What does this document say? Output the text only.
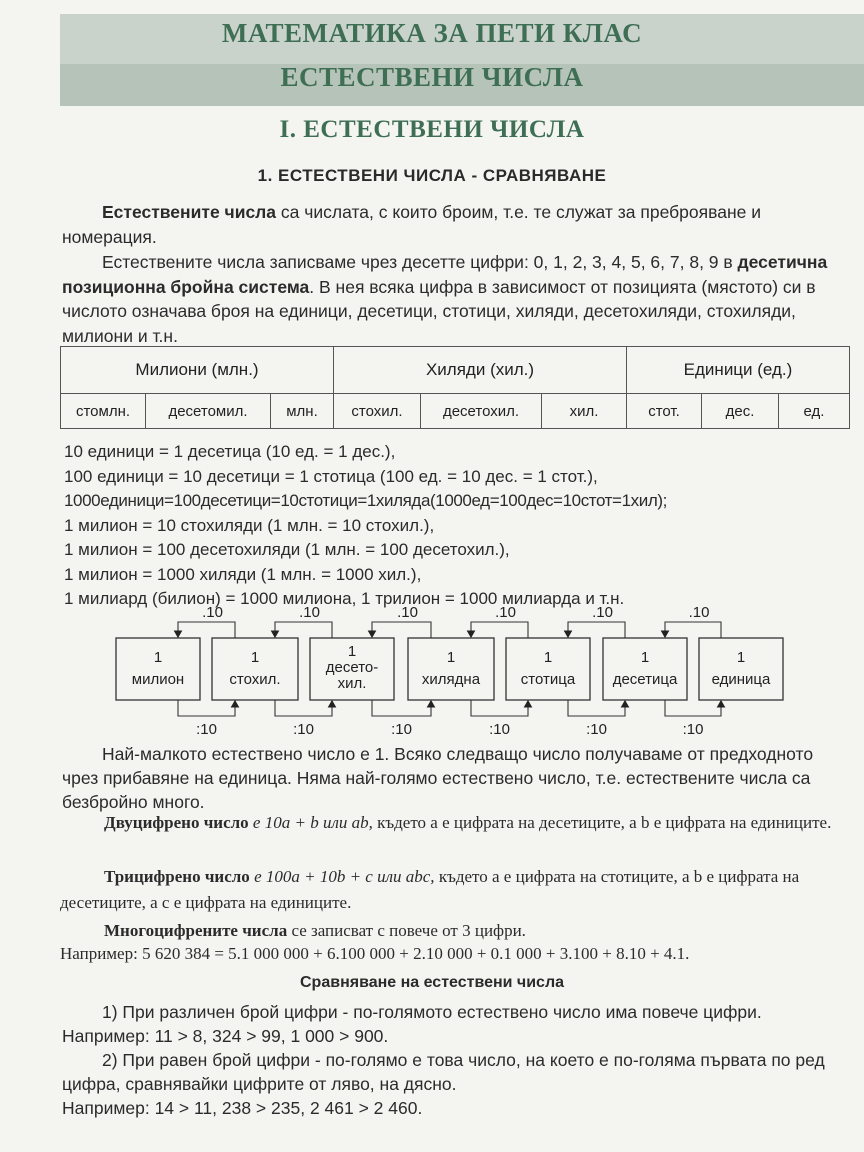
МАТЕМАТИКА ЗА ПЕТИ КЛАС
ЕСТЕСТВЕНИ ЧИСЛА
I. ЕСТЕСТВЕНИ ЧИСЛА
1. ЕСТЕСТВЕНИ ЧИСЛА - СРАВНЯВАНЕ
Естествените числа са числата, с които броим, т.е. те служат за преброяване и номерация.
Естествените числа записваме чрез десетте цифри: 0, 1, 2, 3, 4, 5, 6, 7, 8, 9 в десетична позиционна бройна система. В нея всяка цифра в зависимост от позицията (мястото) си в числото означава броя на единици, десетици, стотици, хиляди, десетохиляди, стохиляди, милиони и т.н.
Милиони (млн.)			Хиляди (хил.)			Единици (ед.)		
стомлн.	десетомил.	млн.	стохил.	десетохил.	хил.	стот.	дес.	ед.
10 единици = 1 десетица (10 ед. = 1 дес.),
100 единици = 10 десетици = 1 стотица (100 ед. = 10 дес. = 1 стот.),
1000единици=100десетици=10стотици=1хиляда(1000ед=100дес=10стот=1хил);
1 милион = 10 стохиляди (1 млн. = 10 стохил.),
1 милион = 100 десетохиляди (1 млн. = 100 десетохил.),
1 милион = 1000 хиляди (1 млн. = 1000 хил.),
1 милиард (билион) = 1000 милиона, 1 трилион = 1000 милиарда и т.н.
1
милион
1
стохил.
1
десето-
хил.
1
хилядна
1
стотица
1
десетица
1
единица
.10
:10
.10
:10
.10
:10
.10
:10
.10
:10
.10
:10
Най-малкото естествено число е 1. Всяко следващо число получаваме от предходното чрез прибавяне на единица. Няма най-голямо естествено число, т.е. естествените числа са безбройно много.
Двуцифрено число е 10a + b или ab, където a е цифрата на десетиците, а b е цифрата на единиците.
Трицифрено число е 100a + 10b + c или abc, където a е цифрата на стотиците, а b е цифрата на десетиците, а c е цифрата на единиците.
Многоцифрените числа се записват с повече от 3 цифри.
Например: 5 620 384 = 5.1 000 000 + 6.100 000 + 2.10 000 + 0.1 000 + 3.100 + 8.10 + 4.1.
Сравняване на естествени числа
1) При различен брой цифри - по-голямото естествено число има повече цифри. Например: 11 > 8, 324 > 99, 1 000 > 900.
2) При равен брой цифри - по-голямо е това число, на което е по-голяма първата по ред цифра, сравнявайки цифрите от ляво, на дясно.
Например: 14 > 11, 238 > 235, 2 461 > 2 460.
